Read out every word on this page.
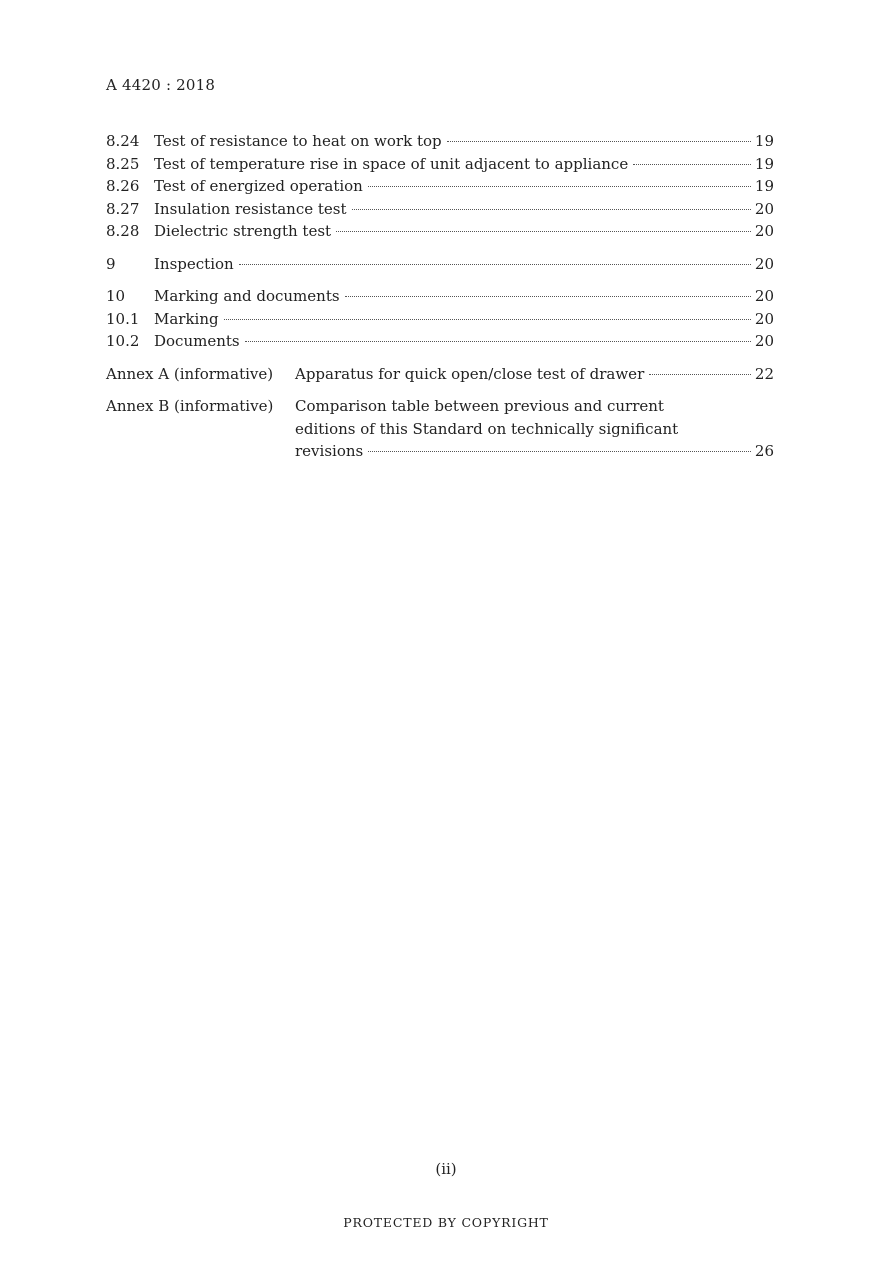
A 4420 : 2018
8.24 Test of resistance to heat on work top	19
8.25 Test of temperature rise in space of unit adjacent to appliance	19
8.26 Test of energized operation	19
8.27 Insulation resistance test	20
8.28 Dielectric strength test	20
9	Inspection	20
10	Marking and documents	20
10.1 Marking	20
10.2 Documents	20
Annex A (informative)	Apparatus for quick open/close test of drawer	22
Annex B (informative)	Comparison table between previous and current
editions of this Standard on technically significant
revisions	26
(ii)
PROTECTED BY COPYRIGHT
